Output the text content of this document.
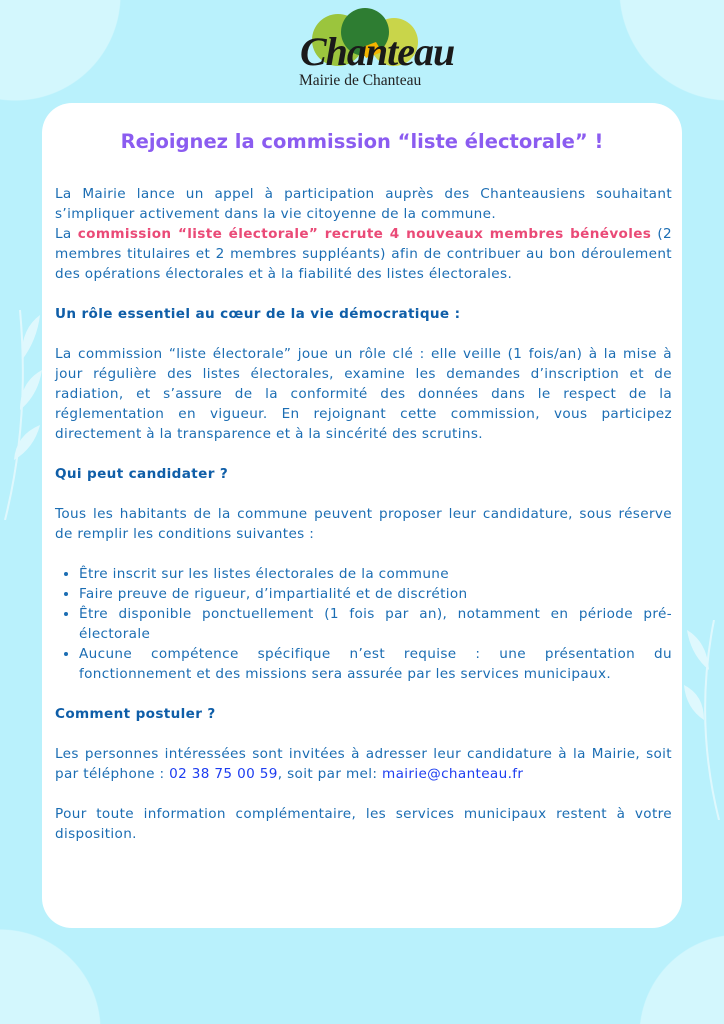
Chanteau
Mairie de Chanteau
Rejoignez la commission “liste électorale” !

La Mairie lance un appel à participation auprès des Chanteausiens souhaitant s’impliquer activement dans la vie citoyenne de la commune.
La commission “liste électorale” recrute 4 nouveaux membres bénévoles (2 membres titulaires et 2 membres suppléants) afin de contribuer au bon déroulement des opérations électorales et à la fiabilité des listes électorales.

Un rôle essentiel au cœur de la vie démocratique :

La commission “liste électorale” joue un rôle clé : elle veille (1 fois/an) à la mise à jour régulière des listes électorales, examine les demandes d’inscription et de radiation, et s’assure de la conformité des données dans le respect de la réglementation en vigueur. En rejoignant cette commission, vous participez directement à la transparence et à la sincérité des scrutins.

Qui peut candidater ?

Tous les habitants de la commune peuvent proposer leur candidature, sous réserve de remplir les conditions suivantes :

• Être inscrit sur les listes électorales de la commune
• Faire preuve de rigueur, d’impartialité et de discrétion
• Être disponible ponctuellement (1 fois par an), notamment en période pré-électorale
• Aucune compétence spécifique n’est requise : une présentation du fonctionnement et des missions sera assurée par les services municipaux.
Comment postuler ?

Les personnes intéressées sont invitées à adresser leur candidature à la Mairie, soit par téléphone : 02 38 75 00 59, soit par mel: mairie@chanteau.fr

Pour toute information complémentaire, les services municipaux restent à votre disposition.
